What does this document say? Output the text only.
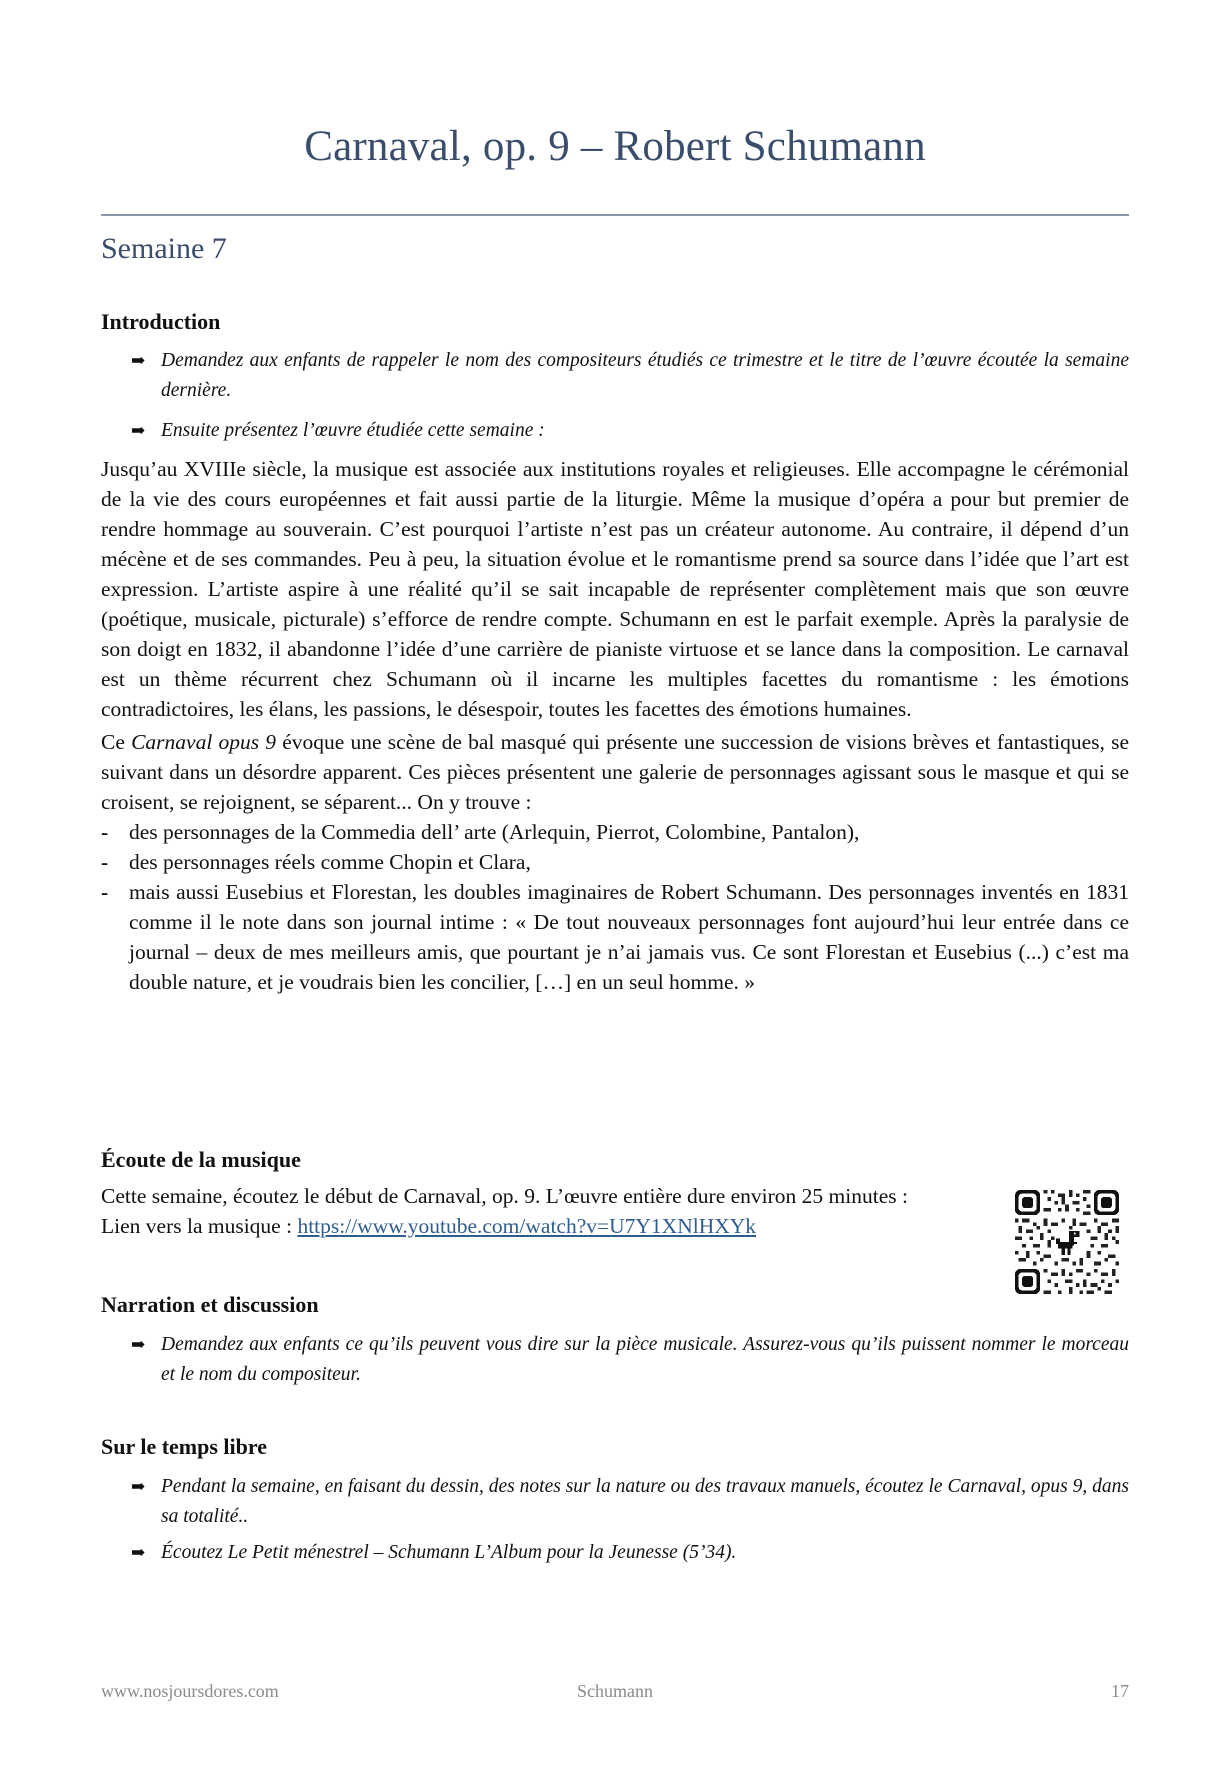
Carnaval, op. 9 – Robert Schumann
Semaine 7
Introduction
➡ Demandez aux enfants de rappeler le nom des compositeurs étudiés ce trimestre et le titre de l’œuvre écoutée la semaine dernière.
➡ Ensuite présentez l’œuvre étudiée cette semaine :

Jusqu’au XVIIIe siècle, la musique est associée aux institutions royales et religieuses. Elle accompagne le cérémonial de la vie des cours européennes et fait aussi partie de la liturgie. Même la musique d’opéra a pour but premier de rendre hommage au souverain. C’est pourquoi l’artiste n’est pas un créateur autonome. Au contraire, il dépend d’un mécène et de ses commandes. Peu à peu, la situation évolue et le romantisme prend sa source dans l’idée que l’art est expression. L’artiste aspire à une réalité qu’il se sait incapable de représenter complètement mais que son œuvre (poétique, musicale, picturale) s’efforce de rendre compte. Schumann en est le parfait exemple. Après la paralysie de son doigt en 1832, il abandonne l’idée d’une carrière de pianiste virtuose et se lance dans la composition. Le carnaval est un thème récurrent chez Schumann où il incarne les multiples facettes du romantisme : les émotions contradictoires, les élans, les passions, le désespoir, toutes les facettes des émotions humaines.

Ce Carnaval opus 9 évoque une scène de bal masqué qui présente une succession de visions brèves et fantastiques, se suivant dans un désordre apparent. Ces pièces présentent une galerie de personnages agissant sous le masque et qui se croisent, se rejoignent, se séparent... On y trouve :

- des personnages de la Commedia dell’ arte (Arlequin, Pierrot, Colombine, Pantalon),
- des personnages réels comme Chopin et Clara,
- mais aussi Eusebius et Florestan, les doubles imaginaires de Robert Schumann. Des personnages inventés en 1831 comme il le note dans son journal intime : « De tout nouveaux personnages font aujourd’hui leur entrée dans ce journal – deux de mes meilleurs amis, que pourtant je n’ai jamais vus. Ce sont Florestan et Eusebius (...) c’est ma double nature, et je voudrais bien les concilier, […] en un seul homme. »
Écoute de la musique

Cette semaine, écoutez le début de Carnaval, op. 9. L’œuvre entière dure environ 25 minutes :

Lien vers la musique : https://www.youtube.com/watch?v=U7Y1XNlHXYk

Narration et discussion
➡ Demandez aux enfants ce qu’ils peuvent vous dire sur la pièce musicale. Assurez-vous qu’ils puissent nommer le morceau et le nom du compositeur.
Sur le temps libre
➡ Pendant la semaine, en faisant du dessin, des notes sur la nature ou des travaux manuels, écoutez le Carnaval, opus 9, dans sa totalité..
➡ Écoutez Le Petit ménestrel – Schumann L’Album pour la Jeunesse (5’34).
Schumann
www.nosjoursdores.com	17
